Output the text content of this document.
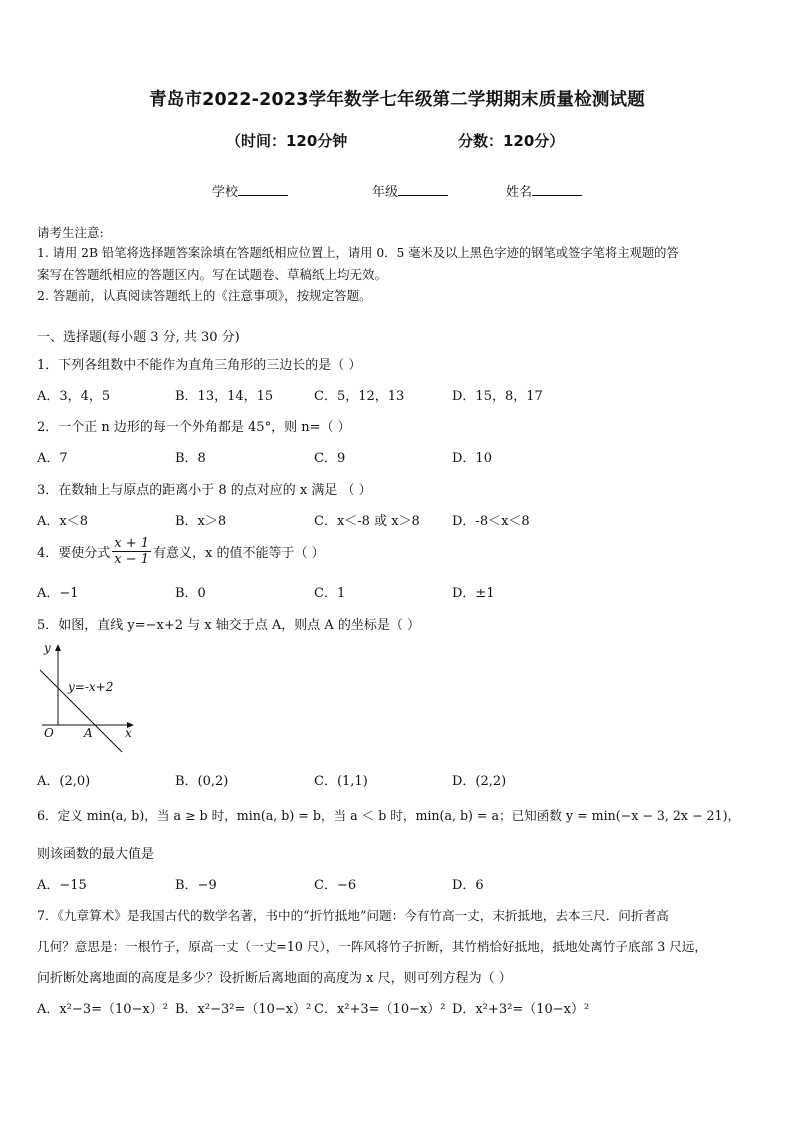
青岛市2022-2023学年数学七年级第二学期期末质量检测试题
（时间：120分钟	分数：120分）
学校	年级	姓名
请考生注意:
1. 请用 2B 铅笔将选择题答案涂填在答题纸相应位置上，请用 0．5 毫米及以上黑色字迹的钢笔或签字笔将主观题的答
案写在答题纸相应的答题区内。写在试题卷、草稿纸上均无效。
2. 答题前，认真阅读答题纸上的《注意事项》，按规定答题。
一、选择题(每小题 3 分, 共 30 分)
1．下列各组数中不能作为直角三角形的三边长的是（ ）
A．3，4，5	B．13，14，15	C．5，12，13	D．15，8，17
2．一个正 n 边形的每一个外角都是 45°，则 n=（ ）
A．7	B．8	C．9	D．10
3．在数轴上与原点的距离小于 8 的点对应的 x 满足 （ ）
A．x＜8	B．x＞8	C．x＜-8 或 x＞8 D．-8＜x＜8
4．要使分式 $\frac{x + 1}{x - 1}$ 有意义，x 的值不能等于（ ）
A．−1	B．0	C．1	D．±1
5．如图，直线 y=−x+2 与 x 轴交于点 A，则点 A 的坐标是（ ）
y
x
O	A
y=-x+2
A．(2,0)	B．(0,2)	C．(1,1)	D．(2,2)
6．定义 min(a, b)，当 a ≥ b 时，min(a, b) = b，当 a ＜ b 时，min(a, b) = a；已知函数 y = min(−x − 3, 2x − 21)，
则该函数的最大值是
A．−15	B．−9	C．−6	D．6
7．《九章算术》是我国古代的数学名著，书中的“折竹抵地”问题：今有竹高一丈，末折抵地，去本三尺．问折者高
几何？意思是：一根竹子，原高一丈（一丈=10 尺），一阵风将竹子折断，其竹梢恰好抵地，抵地处离竹子底部 3 尺远，
问折断处离地面的高度是多少？设折断后离地面的高度为 x 尺，则可列方程为（ ）
A．x²−3=（10−x）² B．x²−3²=（10−x）² C．x²+3=（10−x）² D．x²+3²=（10−x）²
